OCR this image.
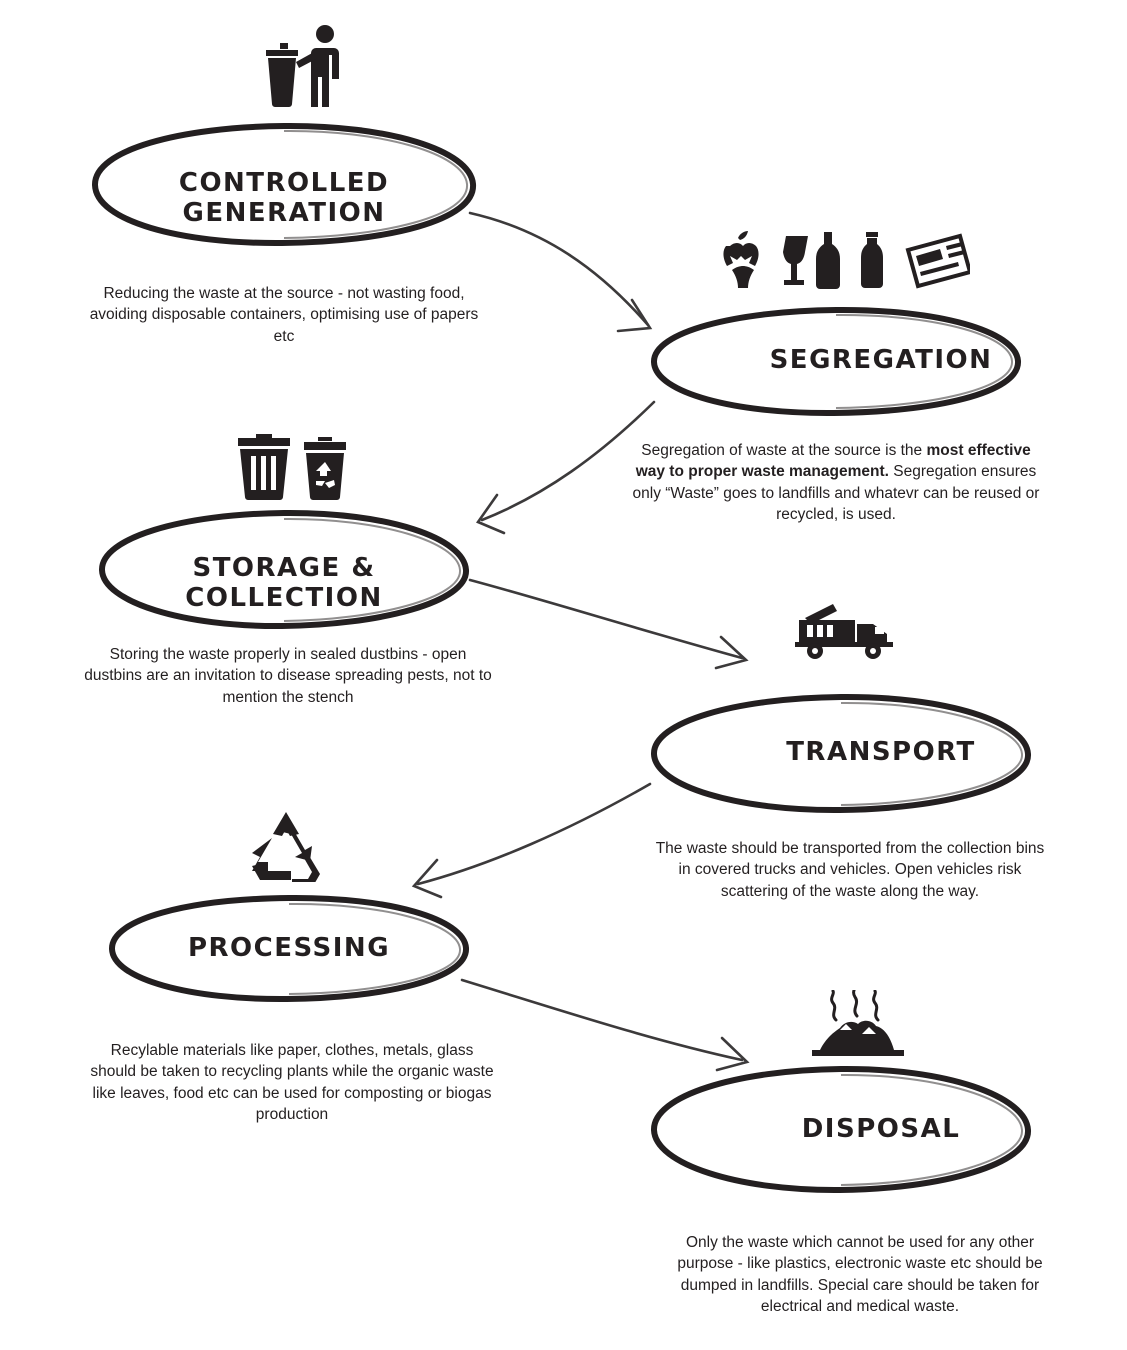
CONTROLLED GENERATION
Reducing the waste at the source - not wasting food, avoiding disposable containers, optimising use of papers etc
SEGREGATION
Segregation of waste at the source is the most effective way to proper waste management. Segregation ensures only “Waste” goes to landfills and whatevr can be reused or recycled, is used.
STORAGE & COLLECTION
Storing the waste properly in sealed dustbins - open dustbins are an invitation to disease spreading pests, not to mention the stench
TRANSPORT
The waste should be transported from the collection bins in covered trucks and vehicles. Open vehicles risk scattering of the waste along the way.
PROCESSING
Recylable materials like paper, clothes, metals, glass should be taken to recycling plants while the organic waste like leaves, food etc can be used for composting or biogas production	DISPOSAL
Only the waste which cannot be used for any other purpose - like plastics, electronic waste etc should be dumped in landfills. Special care should be taken for electrical and medical waste.
